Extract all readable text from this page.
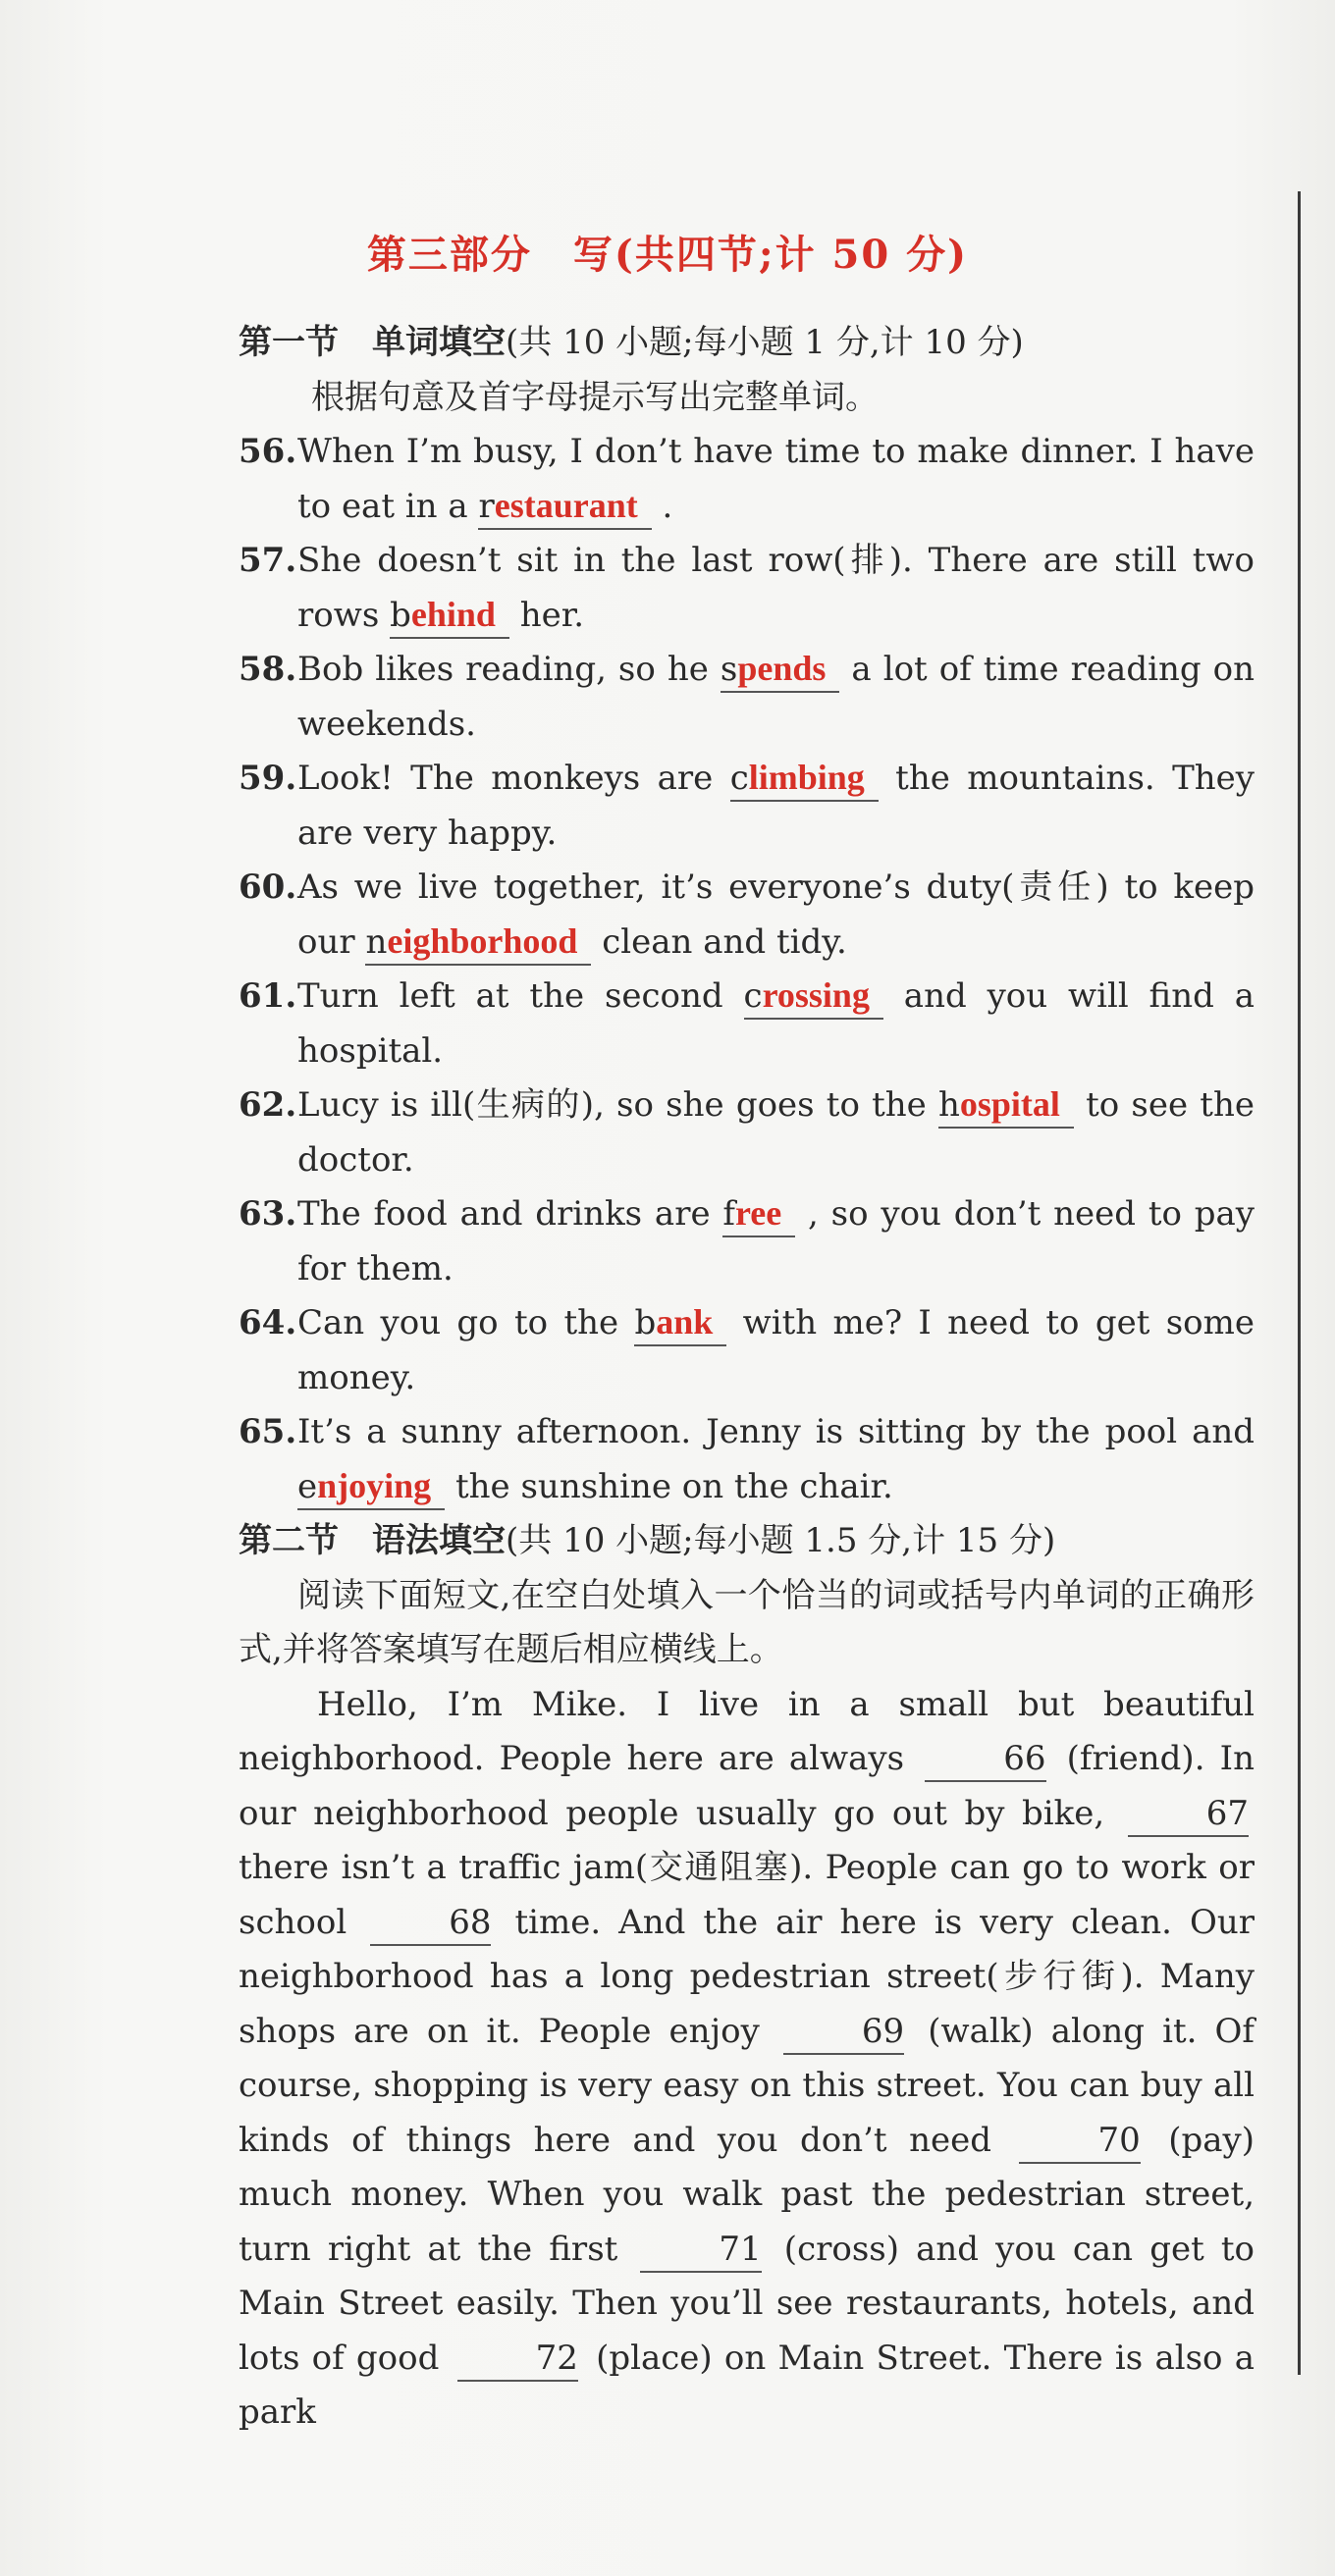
第三部分　写(共四节;计 50 分)
第一节　单词填空(共 10 小题;每小题 1 分,计 10 分)
根据句意及首字母提示写出完整单词。
56. When I’m busy, I don’t have time to make dinner. I have to eat in a restaurant .
57. She doesn’t sit in the last row(排). There are still two rows behind her.
58. Bob likes reading, so he spends a lot of time reading on weekends.
59. Look! The monkeys are climbing the mountains. They are very happy.
60. As we live together, it’s everyone’s duty(责任) to keep our neighborhood clean and tidy.
61. Turn left at the second crossing and you will find a hospital.
62. Lucy is ill(生病的), so she goes to the hospital to see the doctor.
63. The food and drinks are free , so you don’t need to pay for them.
64. Can you go to the bank with me? I need to get some money.
65. It’s a sunny afternoon. Jenny is sitting by the pool and enjoying the sunshine on the chair.
第二节　语法填空(共 10 小题;每小题 1.5 分,计 15 分)
阅读下面短文,在空白处填入一个恰当的词或括号内单词的正确形式,并将答案填写在题后相应横线上。
Hello, I’m Mike. I live in a small but beautiful neighborhood. People here are always	66 (friend). In our neighborhood people usually go out by bike,	67 there isn’t a traffic jam(交通阻塞). People can go to work or school	68 time. And the air here is very clean. Our neighborhood has a long pedestrian street(步行街). Many shops are on it. People enjoy	69 (walk) along it. Of course, shopping is very easy on this street. You can buy all kinds of things here and you don’t need	70 (pay) much money. When you walk past the pedestrian street, turn right at the first	71 (cross) and you can get to Main Street easily. Then you’ll see restaurants, hotels, and lots of good	72 (place) on Main Street. There is also a park
